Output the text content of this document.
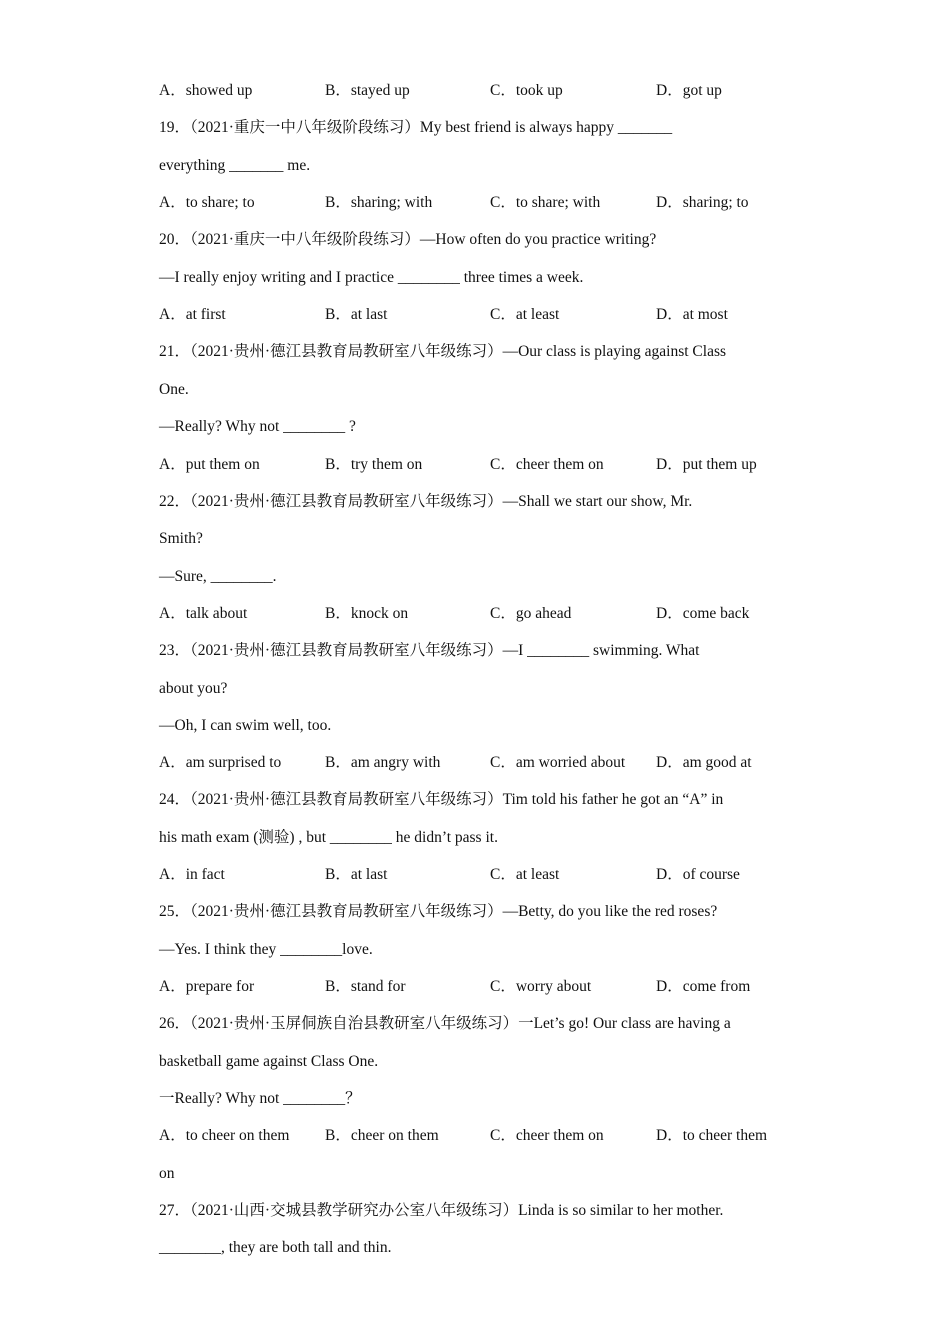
A．showed up	B．stayed up	C．took up	D．got up
19．（2021·重庆一中八年级阶段练习）My best friend is always happy _______
everything _______ me.
A．to share; to	B．sharing; with	C．to share; with	D．sharing; to
20．（2021·重庆一中八年级阶段练习）—How often do you practice writing?
—I really enjoy writing and I practice ________ three times a week.
A．at first	B．at last	C．at least	D．at most
21．（2021·贵州·德江县教育局教研室八年级练习）—Our class is playing against Class
One.
—Really? Why not ________ ?
A．put them on	B．try them on	C．cheer them on	D．put them up
22．（2021·贵州·德江县教育局教研室八年级练习）—Shall we start our show, Mr.
Smith?
—Sure, ________.
A．talk about	B．knock on	C．go ahead	D．come back
23．（2021·贵州·德江县教育局教研室八年级练习）—I ________ swimming. What
about you?
—Oh, I can swim well, too.
A．am surprised to	B．am angry with	C．am worried about D．am good at
24．（2021·贵州·德江县教育局教研室八年级练习）Tim told his father he got an “A” in
his math exam (测验) , but ________ he didn’t pass it.
A．in fact	B．at last	C．at least	D．of course
25．（2021·贵州·德江县教育局教研室八年级练习）—Betty, do you like the red roses?
—Yes. I think they ________love.
A．prepare for	B．stand for	C．worry about	D．come from
26．（2021·贵州·玉屏侗族自治县教研室八年级练习）一Let’s go! Our class are having a
basketball game against Class One.
一Really? Why not ________？
A．to cheer on them B．cheer on them	C．cheer them on	D．to cheer them
on
27．（2021·山西·交城县教学研究办公室八年级练习）Linda is so similar to her mother.
________, they are both tall and thin.
